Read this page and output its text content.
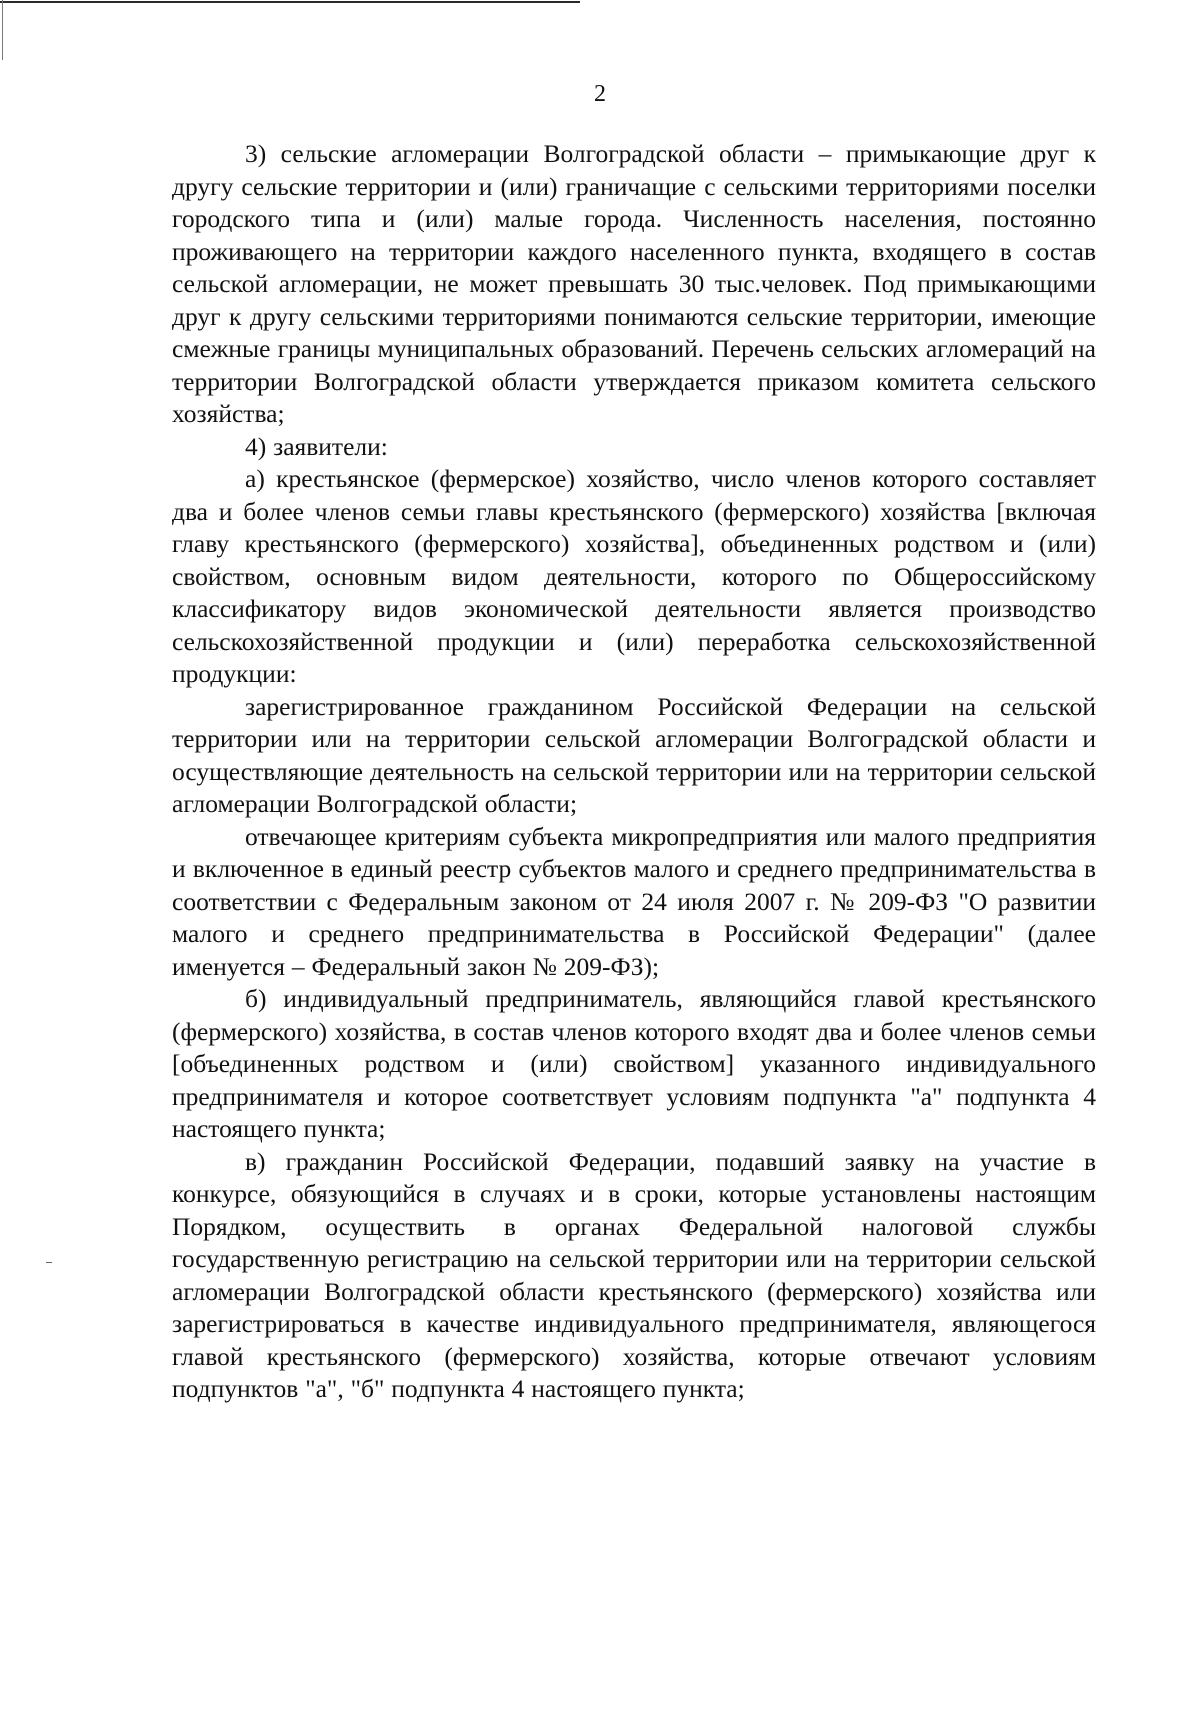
2

3) сельские агломерации Волгоградской области – примыкающие друг к другу сельские территории и (или) граничащие с сельскими территориями поселки городского типа и (или) малые города. Численность населения, постоянно проживающего на территории каждого населенного пункта, входящего в состав сельской агломерации, не может превышать 30 тыс.человек. Под примыкающими друг к другу сельскими территориями понимаются сельские территории, имеющие смежные границы муниципальных образований. Перечень сельских агломераций на территории Волгоградской области утверждается приказом комитета сельского хозяйства;

4) заявители:

а) крестьянское (фермерское) хозяйство, число членов которого составляет два и более членов семьи главы крестьянского (фермерского) хозяйства [включая главу крестьянского (фермерского) хозяйства], объединенных родством и (или) свойством, основным видом деятельности, которого по Общероссийскому классификатору видов экономической деятельности является производство сельскохозяйственной продукции и (или) переработка сельскохозяйственной продукции:

зарегистрированное гражданином Российской Федерации на сельской территории или на территории сельской агломерации Волгоградской области и осуществляющие деятельность на сельской территории или на территории сельской агломерации Волгоградской области;

отвечающее критериям субъекта микропредприятия или малого предприятия и включенное в единый реестр субъектов малого и среднего предпринимательства в соответствии с Федеральным законом от 24 июля 2007 г. № 209-ФЗ "О развитии малого и среднего предпринимательства в Российской Федерации" (далее именуется – Федеральный закон № 209-ФЗ);

б) индивидуальный предприниматель, являющийся главой крестьянского (фермерского) хозяйства, в состав членов которого входят два и более членов семьи [объединенных родством и (или) свойством] указанного индивидуального предпринимателя и которое соответствует условиям подпункта "а" подпункта 4 настоящего пункта;

в) гражданин Российской Федерации, подавший заявку на участие в конкурсе, обязующийся в случаях и в сроки, которые установлены настоящим Порядком, осуществить в органах Федеральной налоговой службы государственную регистрацию на сельской территории или на территории сельской агломерации Волгоградской области крестьянского (фермерского) хозяйства или зарегистрироваться в качестве индивидуального предпринимателя, являющегося главой крестьянского (фермерского) хозяйства, которые отвечают условиям подпунктов "а", "б" подпункта 4 настоящего пункта;
